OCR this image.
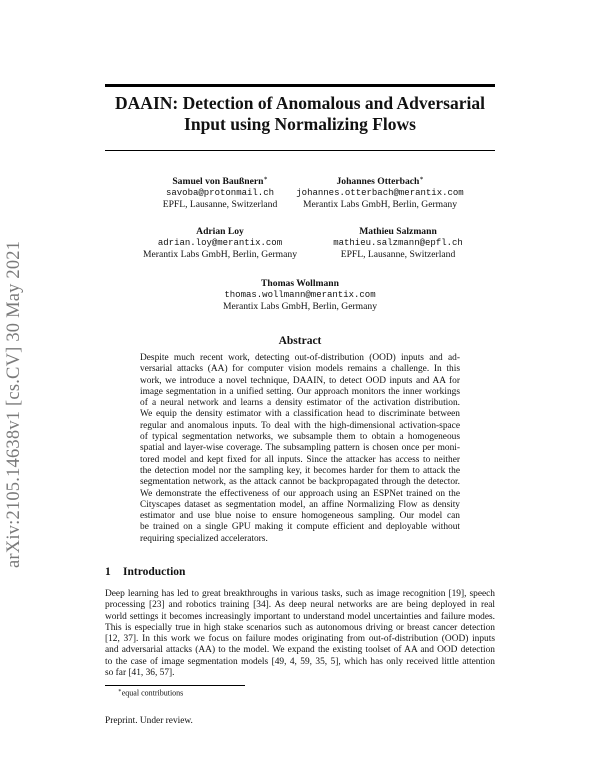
arXiv:2105.14638v1 [cs.CV] 30 May 2021
DAAIN: Detection of Anomalous and Adversarial
Input using Normalizing Flows
Samuel von Baußnern∗
savoba@protonmail.ch
EPFL, Lausanne, Switzerland
Johannes Otterbach∗
johannes.otterbach@merantix.com
Merantix Labs GmbH, Berlin, Germany
Adrian Loy
adrian.loy@merantix.com
Merantix Labs GmbH, Berlin, Germany
Mathieu Salzmann
mathieu.salzmann@epfl.ch
EPFL, Lausanne, Switzerland
Thomas Wollmann
thomas.wollmann@merantix.com
Merantix Labs GmbH, Berlin, Germany
Abstract
Despite much recent work, detecting out-of-distribution (OOD) inputs and ad-
versarial attacks (AA) for computer vision models remains a challenge. In this
work, we introduce a novel technique, DAAIN, to detect OOD inputs and AA for
image segmentation in a unified setting. Our approach monitors the inner workings
of a neural network and learns a density estimator of the activation distribution.
We equip the density estimator with a classification head to discriminate between
regular and anomalous inputs. To deal with the high-dimensional activation-space
of typical segmentation networks, we subsample them to obtain a homogeneous
spatial and layer-wise coverage. The subsampling pattern is chosen once per moni-
tored model and kept fixed for all inputs. Since the attacker has access to neither
the detection model nor the sampling key, it becomes harder for them to attack the
segmentation network, as the attack cannot be backpropagated through the detector.
We demonstrate the effectiveness of our approach using an ESPNet trained on the
Cityscapes dataset as segmentation model, an affine Normalizing Flow as density
estimator and use blue noise to ensure homogeneous sampling. Our model can
be trained on a single GPU making it compute efficient and deployable without
requiring specialized accelerators.
1 Introduction
Deep learning has led to great breakthroughs in various tasks, such as image recognition [19], speech
processing [23] and robotics training [34]. As deep neural networks are are being deployed in real
world settings it becomes increasingly important to understand model uncertainties and failure modes.
This is especially true in high stake scenarios such as autonomous driving or breast cancer detection
[12, 37]. In this work we focus on failure modes originating from out-of-distribution (OOD) inputs
and adversarial attacks (AA) to the model. We expand the existing toolset of AA and OOD detection
to the case of image segmentation models [49, 4, 59, 35, 5], which has only received little attention
so far [41, 36, 57].
∗equal contributions
Preprint. Under review.
